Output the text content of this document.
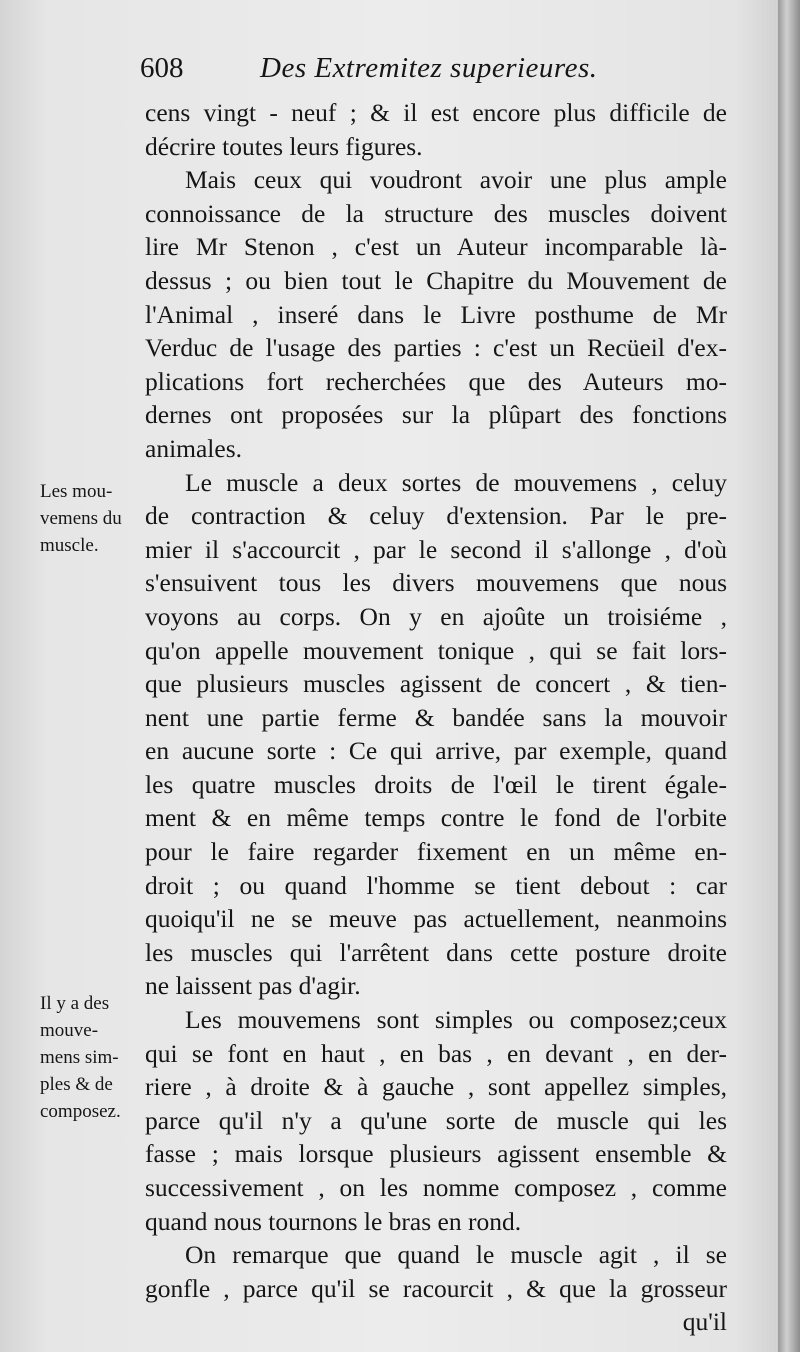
608	Des Extremitez superieures.
cens vingt - neuf ; & il est encore plus difficile de
décrire toutes leurs figures.
Mais ceux qui voudront avoir une plus ample
connoissance de la structure des muscles doivent
lire Mr Stenon , c'est un Auteur incomparable là-
dessus ; ou bien tout le Chapitre du Mouvement de
l'Animal , inseré dans le Livre posthume de Mr
Verduc de l'usage des parties : c'est un Recüeil d'ex-
plications fort recherchées que des Auteurs mo-
dernes ont proposées sur la plûpart des fonctions
animales.
Le muscle a deux sortes de mouvemens , celuy
de contraction & celuy d'extension. Par le pre-
mier il s'accourcit , par le second il s'allonge , d'où
s'ensuivent tous les divers mouvemens que nous
voyons au corps. On y en ajoûte un troisiéme ,
qu'on appelle mouvement tonique , qui se fait lors-
que plusieurs muscles agissent de concert , & tien-
nent une partie ferme & bandée sans la mouvoir
en aucune sorte : Ce qui arrive, par exemple, quand
les quatre muscles droits de l'œil le tirent égale-
ment & en même temps contre le fond de l'orbite
pour le faire regarder fixement en un même en-
droit ; ou quand l'homme se tient debout : car
quoiqu'il ne se meuve pas actuellement, neanmoins
les muscles qui l'arrêtent dans cette posture droite
ne laissent pas d'agir.
Les mouvemens sont simples ou composez;ceux
qui se font en haut , en bas , en devant , en der-
riere , à droite & à gauche , sont appellez simples,
parce qu'il n'y a qu'une sorte de muscle qui les
fasse ; mais lorsque plusieurs agissent ensemble &
successivement , on les nomme composez , comme
quand nous tournons le bras en rond.
On remarque que quand le muscle agit , il se
gonfle , parce qu'il se racourcit , & que la grosseur
qu'il
Les mou-
vemens du
muscle.
Il y a des
mouve-
mens sim-
ples & de
composez.
